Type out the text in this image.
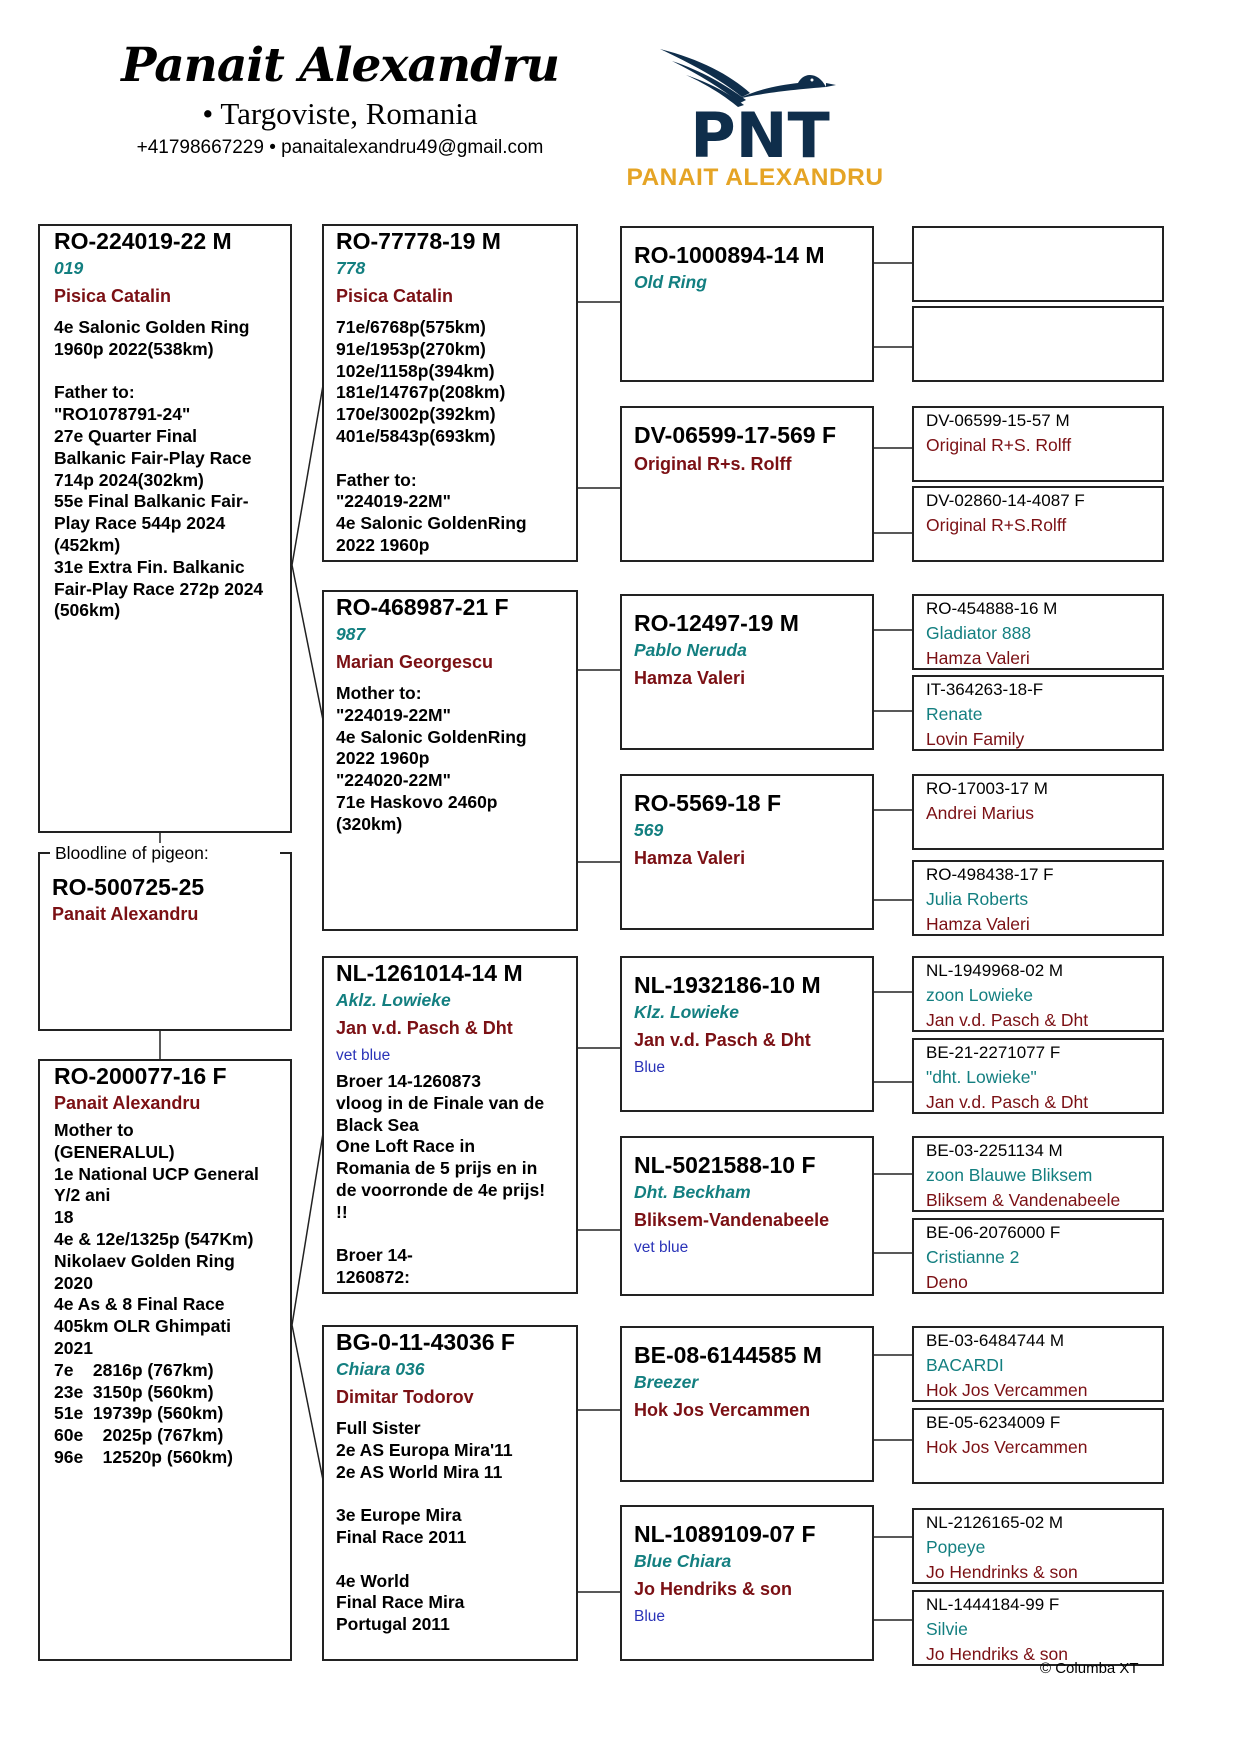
Panait Alexandru
• Targoviste, Romania
+41798667229 • panaitalexandru49@gmail.com	PNT
PANAIT ALEXANDRU
RO-224019-22 M
019
Pisica Catalin
4e Salonic Golden Ring
1960p 2022(538km)

Father to:
"RO1078791-24"
27e Quarter Final
Balkanic Fair-Play Race
714p 2024(302km)
55e Final Balkanic Fair-
Play Race 544p 2024
(452km)
31e Extra Fin. Balkanic
Fair-Play Race 272p 2024
(506km)
RO-500725-25
Panait Alexandru
Bloodline of pigeon:
RO-200077-16 F
Panait Alexandru
Mother to
(GENERALUL)
1e National UCP General
Y/2 ani
18
4e & 12e/1325p (547Km)
Nikolaev Golden Ring
2020
4e As & 8 Final Race
405km OLR Ghimpati
2021
7e    2816p (767km)
23e  3150p (560km)
51e  19739p (560km)
60e    2025p (767km)
96e    12520p (560km)
RO-77778-19 M
778
Pisica Catalin
71e/6768p(575km)
91e/1953p(270km)
102e/1158p(394km)
181e/14767p(208km)
170e/3002p(392km)
401e/5843p(693km)

Father to:
"224019-22M"
4e Salonic GoldenRing
2022 1960p
RO-468987-21 F
987
Marian Georgescu
Mother to:
"224019-22M"
4e Salonic GoldenRing
2022 1960p
"224020-22M"
71e Haskovo 2460p
(320km)
NL-1261014-14 M
Aklz. Lowieke
Jan v.d. Pasch & Dht
vet blue
Broer 14-1260873
vloog in de Finale van de
Black Sea
One Loft Race in
Romania de 5 prijs en in
de voorronde de 4e prijs!
!!

Broer 14-
1260872:
BG-0-11-43036 F
Chiara 036
Dimitar Todorov
Full Sister
2e AS Europa Mira'11
2e AS World Mira 11

3e Europe Mira
Final Race 2011

4e World
Final Race Mira
Portugal 2011
RO-1000894-14 M
Old Ring
DV-06599-17-569 F
Original R+s. Rolff
RO-12497-19 M
Pablo Neruda
Hamza Valeri
RO-5569-18 F
569
Hamza Valeri
NL-1932186-10 M
Klz. Lowieke
Jan v.d. Pasch & Dht
Blue
NL-5021588-10 F
Dht. Beckham
Bliksem-Vandenabeele
vet blue
BE-08-6144585 M
Breezer
Hok Jos Vercammen
NL-1089109-07 F
Blue Chiara
Jo Hendriks & son
Blue
DV-06599-15-57 M
Original R+S. Rolff
DV-02860-14-4087 F
Original R+S.Rolff
RO-454888-16 M
Gladiator 888
Hamza Valeri
IT-364263-18-F
Renate
Lovin Family
RO-17003-17 M
Andrei Marius
RO-498438-17 F
Julia Roberts
Hamza Valeri
NL-1949968-02 M
zoon Lowieke
Jan v.d. Pasch & Dht
BE-21-2271077 F
"dht. Lowieke"
Jan v.d. Pasch & Dht
BE-03-2251134 M
zoon Blauwe Bliksem
Bliksem & Vandenabeele
BE-06-2076000 F
Cristianne 2
Deno
BE-03-6484744 M
BACARDI
Hok Jos Vercammen
BE-05-6234009 F
Hok Jos Vercammen
NL-2126165-02 M
Popeye
Jo Hendrinks & son
NL-1444184-99 F
Silvie
Jo Hendriks & son
© Columba XT
